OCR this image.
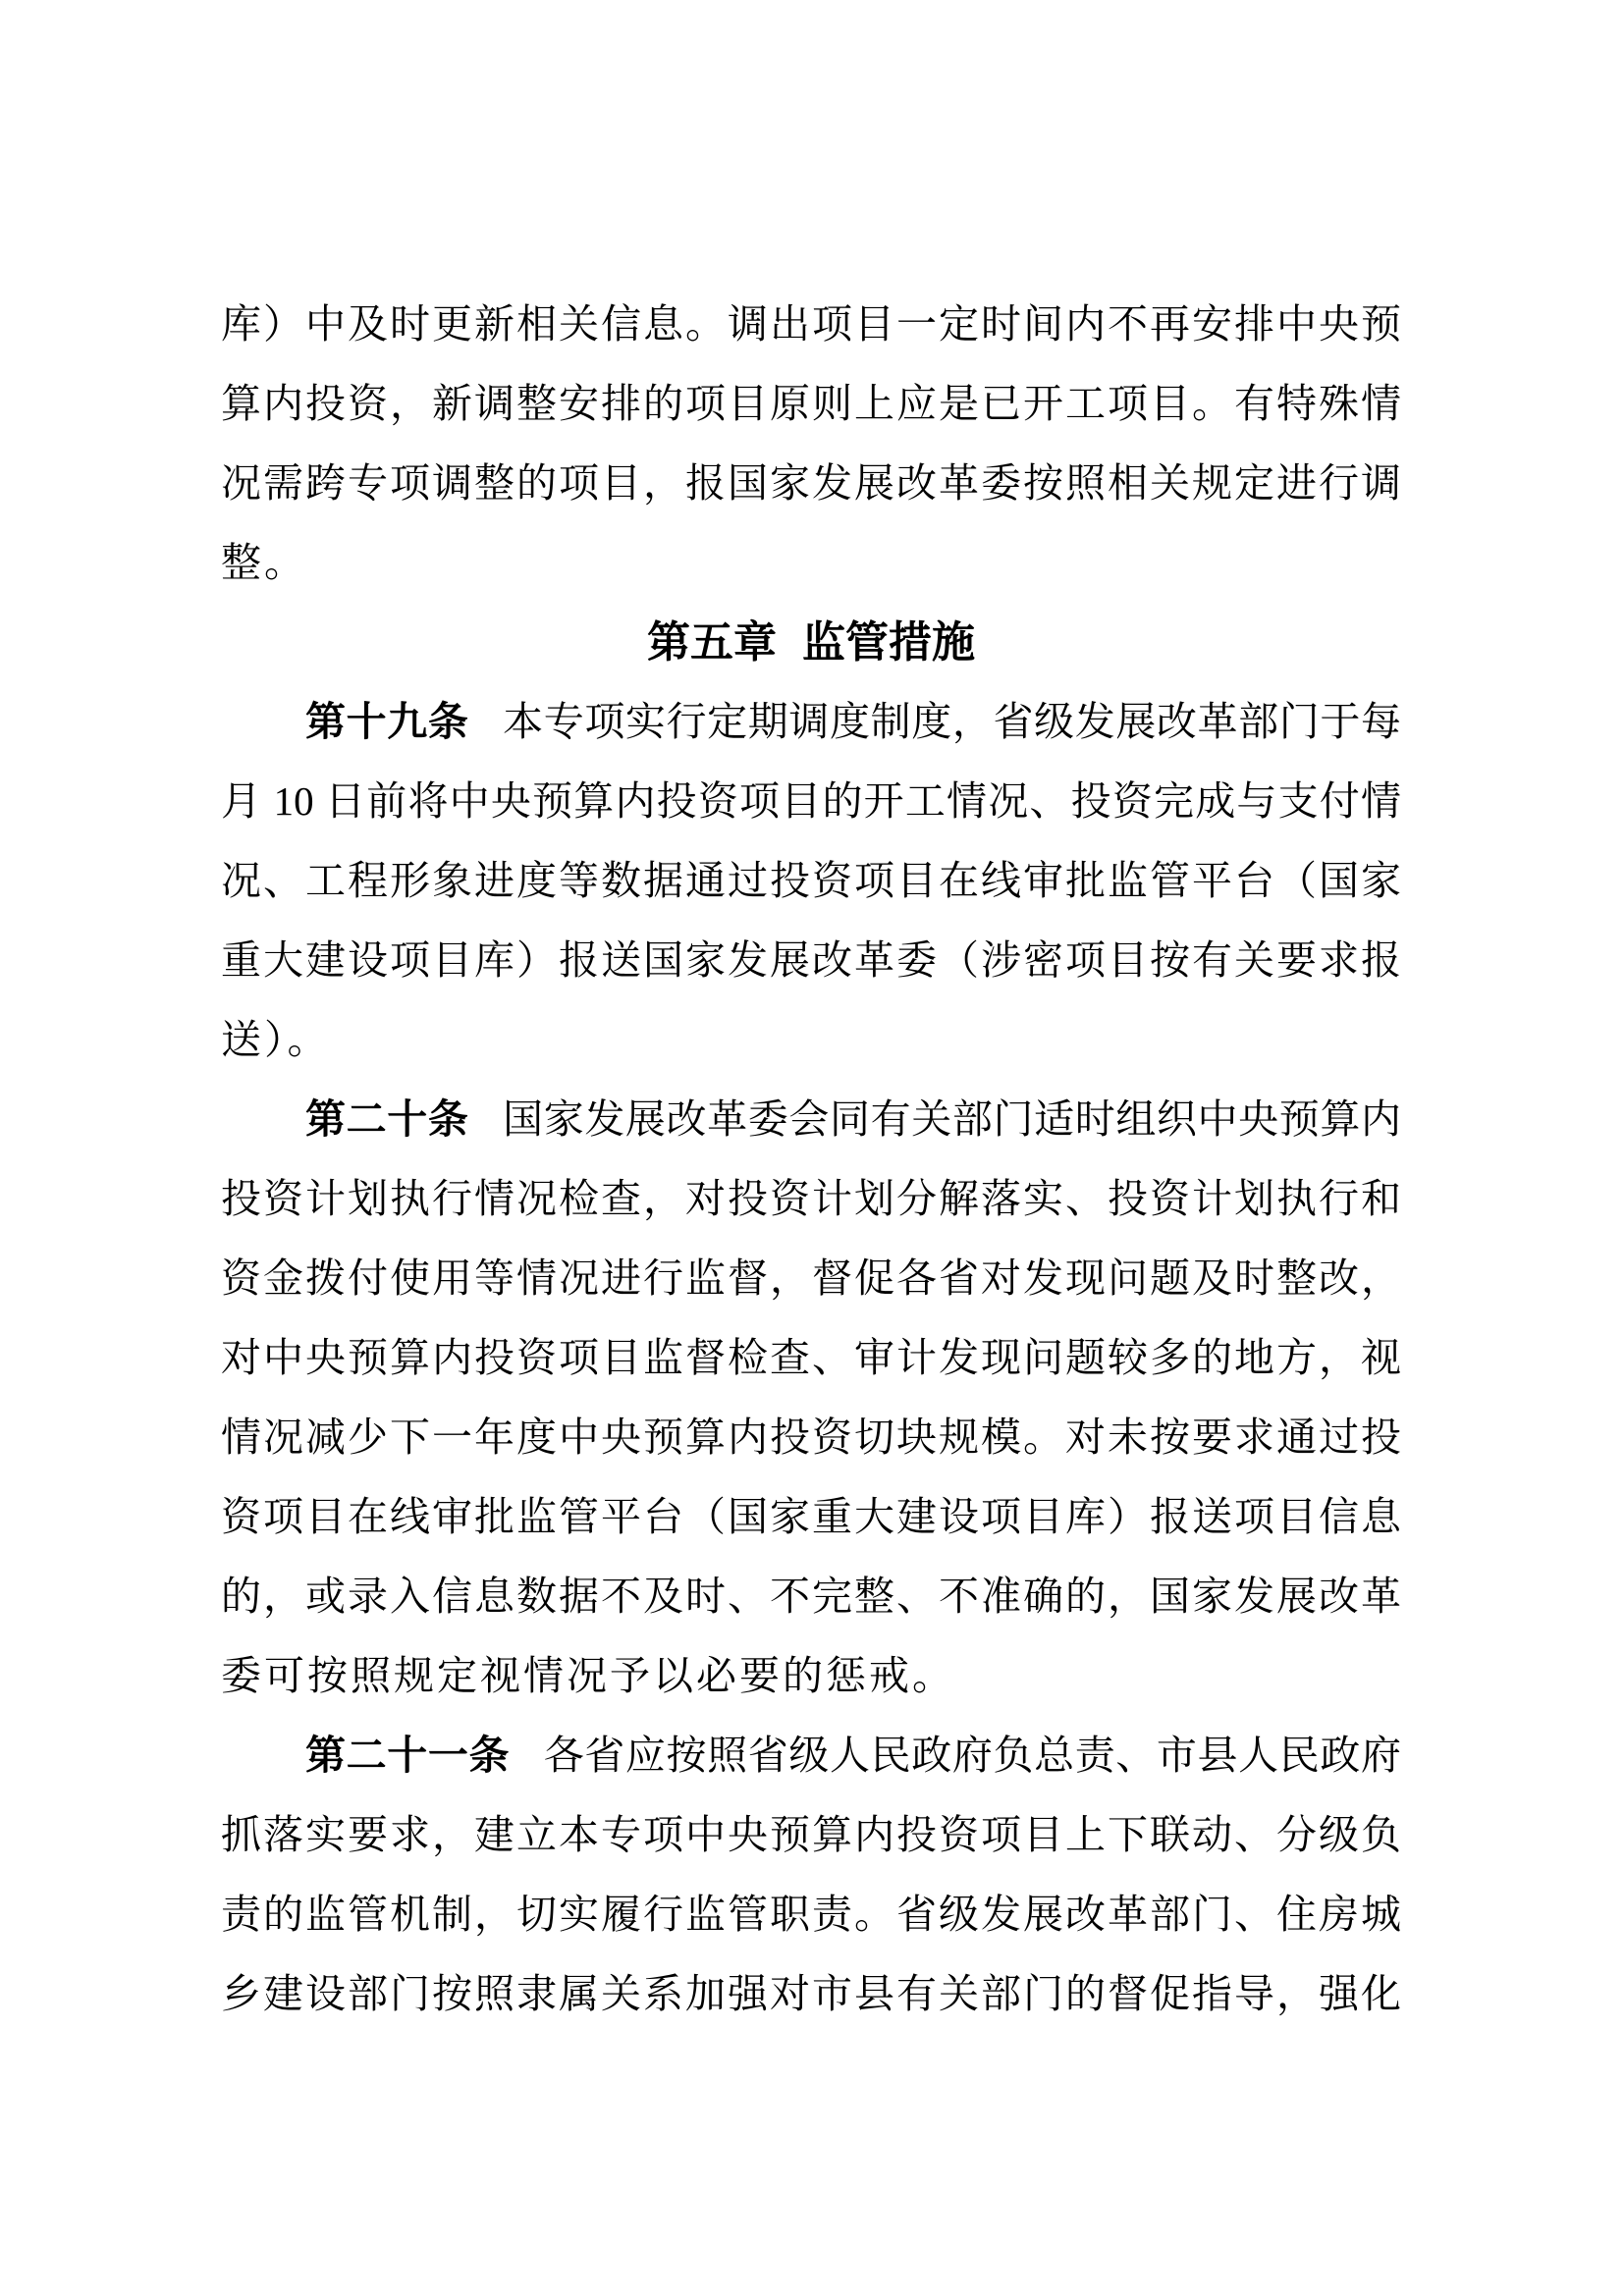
库）中及时更新相关信息。调出项目一定时间内不再安排中央预
算内投资，新调整安排的项目原则上应是已开工项目。有特殊情
况需跨专项调整的项目，报国家发展改革委按照相关规定进行调
整。
第五章 监管措施
第十九条 本专项实行定期调度制度，省级发展改革部门于每
月 10 日前将中央预算内投资项目的开工情况、投资完成与支付情
况、工程形象进度等数据通过投资项目在线审批监管平台（国家
重大建设项目库）报送国家发展改革委（涉密项目按有关要求报
送）。
第二十条 国家发展改革委会同有关部门适时组织中央预算内
投资计划执行情况检查，对投资计划分解落实、投资计划执行和
资金拨付使用等情况进行监督，督促各省对发现问题及时整改，
对中央预算内投资项目监督检查、审计发现问题较多的地方，视
情况减少下一年度中央预算内投资切块规模。对未按要求通过投
资项目在线审批监管平台（国家重大建设项目库）报送项目信息
的，或录入信息数据不及时、不完整、不准确的，国家发展改革
委可按照规定视情况予以必要的惩戒。
第二十一条 各省应按照省级人民政府负总责、市县人民政府
抓落实要求，建立本专项中央预算内投资项目上下联动、分级负
责的监管机制，切实履行监管职责。省级发展改革部门、住房城
乡建设部门按照隶属关系加强对市县有关部门的督促指导，强化
